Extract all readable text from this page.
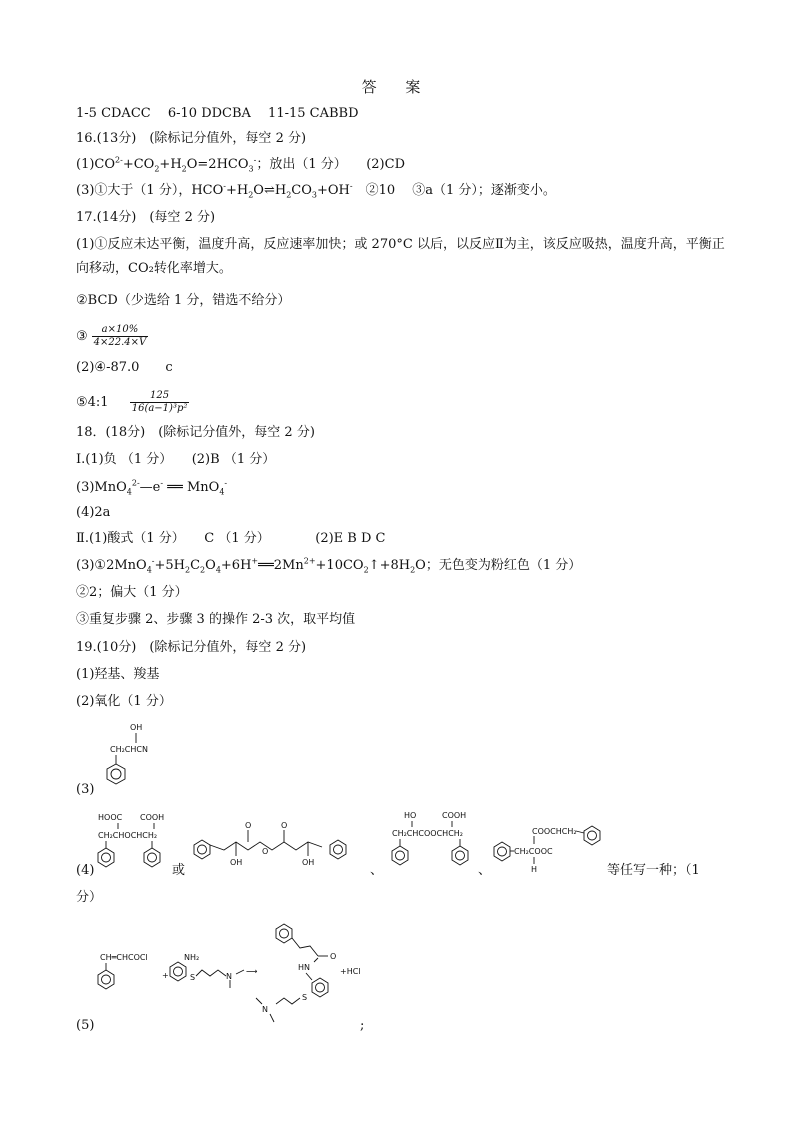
答 案
1-5 CDACC　 6-10 DDCBA　 11-15 CABBD
16.(13分)　(除标记分值外，每空 2 分)
$(1)CO^{2-}+CO_2+H_2O=2HCO_3^-$；放出（1 分）　　(2)CD
(3)①大于（1 分），$HCO^-+H_2O\rightleftharpoons H_2CO_3+OH^-$　②10　 ③a（1 分）；逐渐变小。
17.(14分)　(每空 2 分)
(1)①反应未达平衡，温度升高，反应速率加快；或 270°C 以后，以反应Ⅱ为主，该反应吸热，温度升高，平衡正向移动，CO₂转化率增大。
②BCD（少选给 1 分，错选不给分）
③ $\frac{a\times 10\%}{4\times 22.4\times V}$
(2)④-87.0　　c
⑤4:1　 $\frac{125}{\text{16(a−1)³p²}}$
18．(18分)　(除标记分值外，每空 2 分)
Ⅰ.(1)负 （1 分）　　(2)B （1 分）
(3)MnO$_4^{2-}$—e- ══ MnO$_4$-
(4)2a
Ⅱ.(1)酸式（1 分）　　C （1 分）　　　　(2)E B D C
$(3)①2MnO_4^-+5H_2C_2O_4+6H^+══2Mn^{2+}+10CO_2↑+8H_2O$；无色变为粉红色（1 分）
②2；偏大（1 分）
③重复步骤 2、步骤 3 的操作 2-3 次，取平均值
19.(10分)　(除标记分值外，每空 2 分)
(1)羟基、羧基
(2)氧化（1 分）
OH
CH₂CHCN
(3)
HOOC COOH
CH₂CHOCHCH₂
(4)	或
O	O
O
OH	OH
、
HO	COOH
CH₂CHCOOCHCH₂
、
COOCHCH₂
CH₂COOC
H	等任写一种；（1
分）
CH═CHCOCl
+
NH₂
S	N
⟶
O
HN
S
N
+HCl
(5)	;
